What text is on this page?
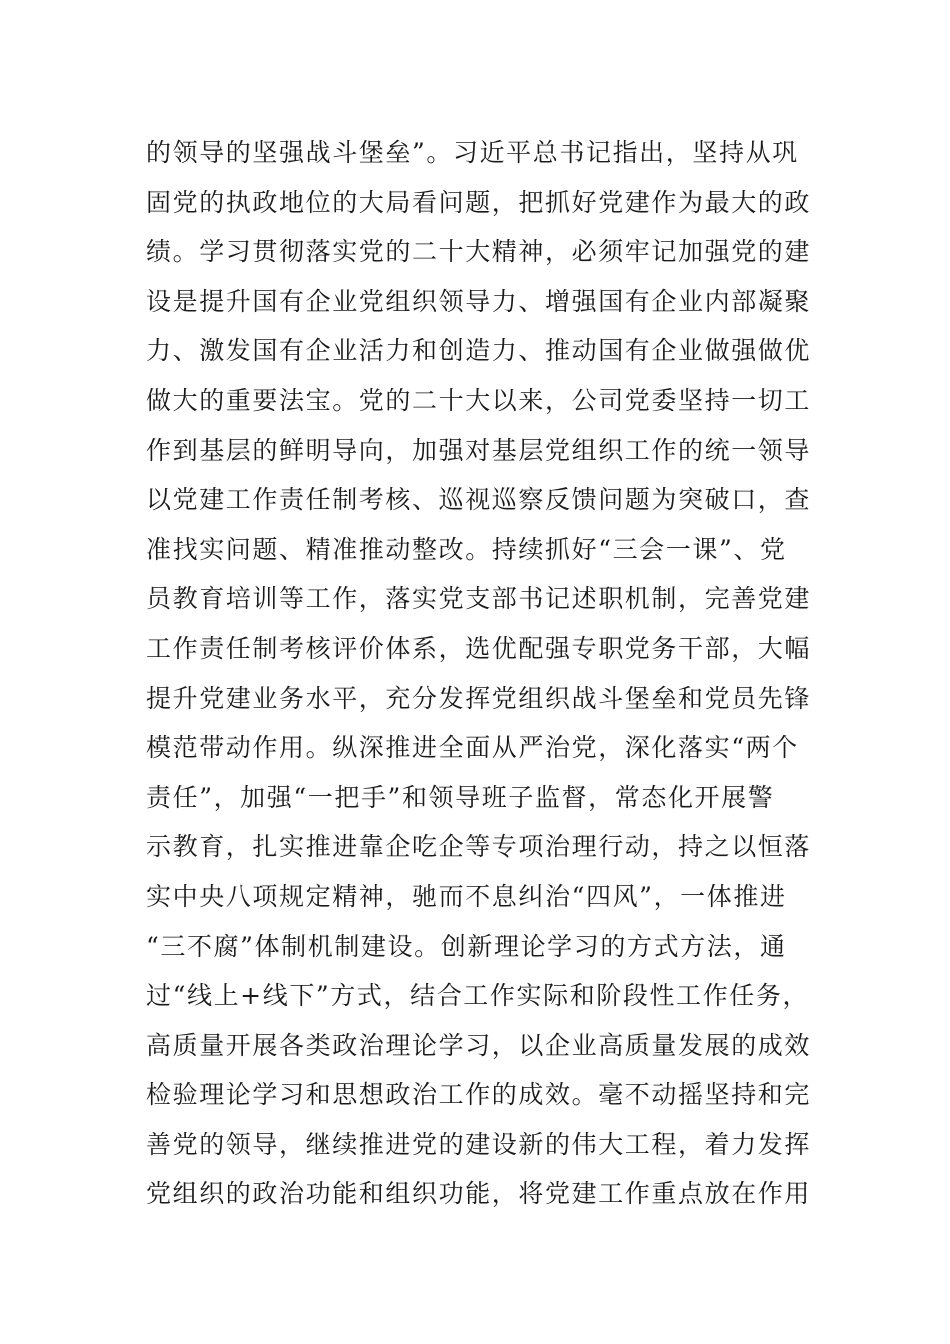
的领导的坚强战斗堡垒”。习近平总书记指出，坚持从巩
固党的执政地位的大局看问题，把抓好党建作为最大的政
绩。学习贯彻落实党的二十大精神，必须牢记加强党的建
设是提升国有企业党组织领导力、增强国有企业内部凝聚
力、激发国有企业活力和创造力、推动国有企业做强做优
做大的重要法宝。党的二十大以来，公司党委坚持一切工
作到基层的鲜明导向，加强对基层党组织工作的统一领导
以党建工作责任制考核、巡视巡察反馈问题为突破口，查
准找实问题、精准推动整改。持续抓好“三会一课”、党
员教育培训等工作，落实党支部书记述职机制，完善党建
工作责任制考核评价体系，选优配强专职党务干部，大幅
提升党建业务水平，充分发挥党组织战斗堡垒和党员先锋
模范带动作用。纵深推进全面从严治党，深化落实“两个
责任”，加强“一把手”和领导班子监督，常态化开展警
示教育，扎实推进靠企吃企等专项治理行动，持之以恒落
实中央八项规定精神，驰而不息纠治“四风”，一体推进
“三不腐”体制机制建设。创新理论学习的方式方法，通
过“线上+线下”方式，结合工作实际和阶段性工作任务，
高质量开展各类政治理论学习，以企业高质量发展的成效
检验理论学习和思想政治工作的成效。毫不动摇坚持和完
善党的领导，继续推进党的建设新的伟大工程，着力发挥
党组织的政治功能和组织功能，将党建工作重点放在作用
